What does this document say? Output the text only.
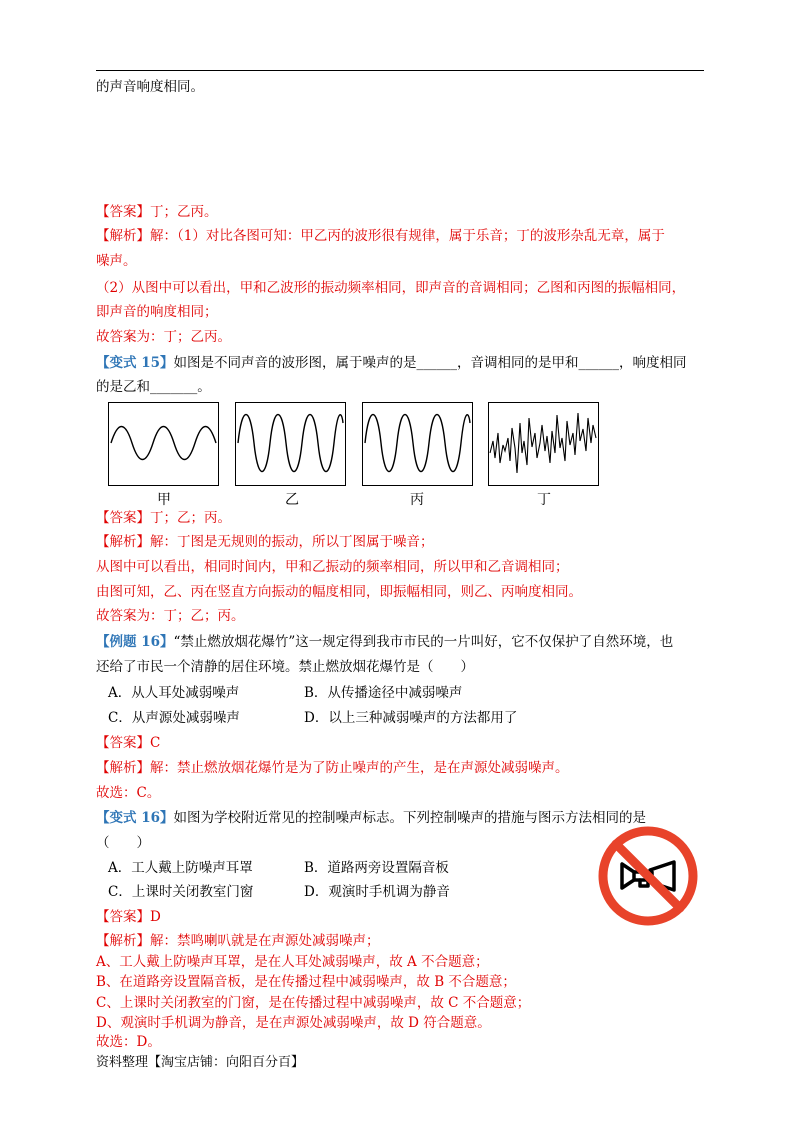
的声音响度相同。
【答案】丁；乙丙。
【解析】解：（1）对比各图可知：甲乙丙的波形很有规律，属于乐音；丁的波形杂乱无章，属于
噪声。
（2）从图中可以看出，甲和乙波形的振动频率相同，即声音的音调相同；乙图和丙图的振幅相同，
即声音的响度相同；
故答案为：丁；乙丙。
【变式 15】如图是不同声音的波形图，属于噪声的是______，音调相同的是甲和______，响度相同
的是乙和_______。
甲	乙	丙	丁
【答案】丁；乙；丙。
【解析】解：丁图是无规则的振动，所以丁图属于噪音；
从图中可以看出，相同时间内，甲和乙振动的频率相同，所以甲和乙音调相同；
由图可知，乙、丙在竖直方向振动的幅度相同，即振幅相同，则乙、丙响度相同。
故答案为：丁；乙；丙。
【例题 16】“禁止燃放烟花爆竹”这一规定得到我市市民的一片叫好，它不仅保护了自然环境，也
还给了市民一个清静的居住环境。禁止燃放烟花爆竹是（　　）
A．从人耳处减弱噪声	B．从传播途径中减弱噪声
C．从声源处减弱噪声	D．以上三种减弱噪声的方法都用了
【答案】C
【解析】解：禁止燃放烟花爆竹是为了防止噪声的产生，是在声源处减弱噪声。
故选：C。
【变式 16】如图为学校附近常见的控制噪声标志。下列控制噪声的措施与图示方法相同的是
（　　）
A．工人戴上防噪声耳罩	B．道路两旁设置隔音板
C．上课时关闭教室门窗	D．观演时手机调为静音
【答案】D
【解析】解：禁鸣喇叭就是在声源处减弱噪声；
A、工人戴上防噪声耳罩，是在人耳处减弱噪声，故 A 不合题意；
B、在道路旁设置隔音板，是在传播过程中减弱噪声，故 B 不合题意；
C、上课时关闭教室的门窗，是在传播过程中减弱噪声，故 C 不合题意；
D、观演时手机调为静音，是在声源处减弱噪声，故 D 符合题意。
故选：D。
资料整理【淘宝店铺：向阳百分百】
